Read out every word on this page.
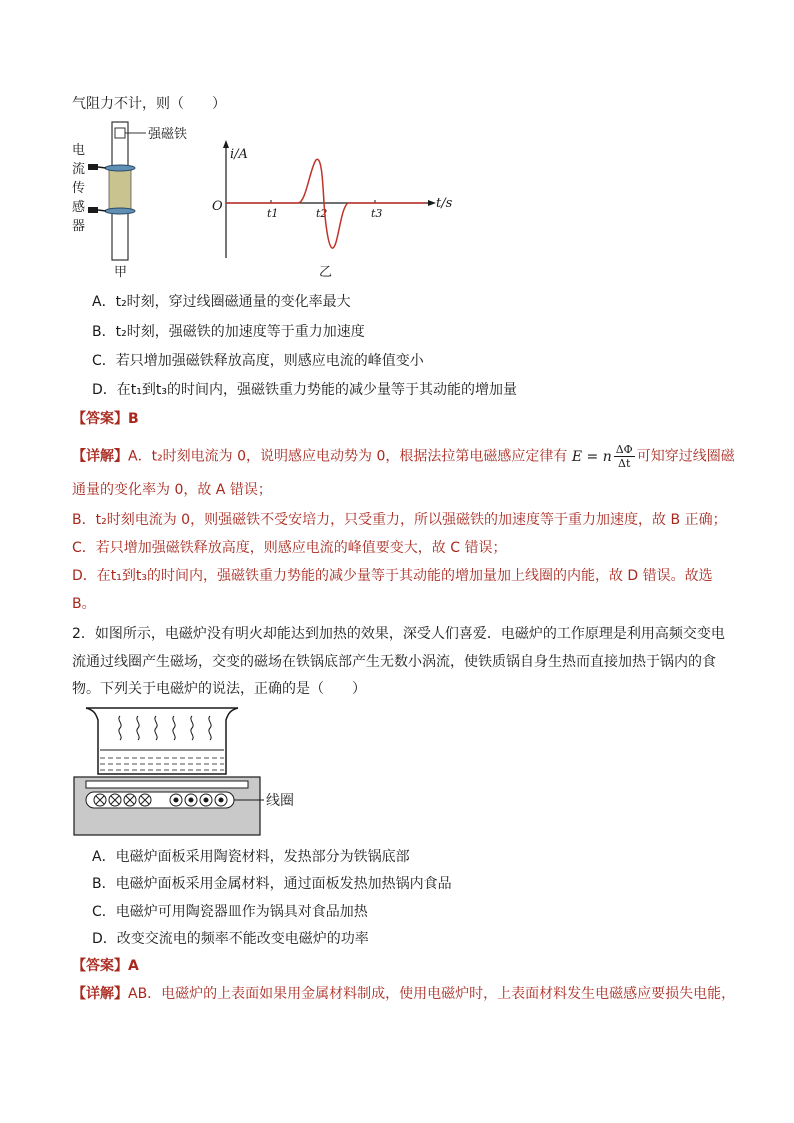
气阻力不计，则（　　）
强磁铁
电
流
传
感
器
甲
i/A
t/s
O	t1	t2	t3
乙
A．t₂时刻，穿过线圈磁通量的变化率最大
B．t₂时刻，强磁铁的加速度等于重力加速度
C．若只增加强磁铁释放高度，则感应电流的峰值变小
D．在t₁到t₃的时间内，强磁铁重力势能的减少量等于其动能的增加量
【答案】B
【详解】A．t₂时刻电流为 0，说明感应电动势为 0，根据法拉第电磁感应定律有 E = n $\frac{\Delta\Phi}{\Delta t}$ 可知穿过线圈磁
通量的变化率为 0，故 A 错误；
B．t₂时刻电流为 0，则强磁铁不受安培力，只受重力，所以强磁铁的加速度等于重力加速度，故 B 正确；
C．若只增加强磁铁释放高度，则感应电流的峰值要变大，故 C 错误；
D．在t₁到t₃的时间内，强磁铁重力势能的减少量等于其动能的增加量加上线圈的内能，故 D 错误。故选
B。
2．如图所示，电磁炉没有明火却能达到加热的效果，深受人们喜爱．电磁炉的工作原理是利用高频交变电
流通过线圈产生磁场，交变的磁场在铁锅底部产生无数小涡流，使铁质锅自身生热而直接加热于锅内的食
物。下列关于电磁炉的说法，正确的是（　　）
线圈
A．电磁炉面板采用陶瓷材料，发热部分为铁锅底部
B．电磁炉面板采用金属材料，通过面板发热加热锅内食品
C．电磁炉可用陶瓷器皿作为锅具对食品加热
D．改变交流电的频率不能改变电磁炉的功率
【答案】A
【详解】AB．电磁炉的上表面如果用金属材料制成，使用电磁炉时，上表面材料发生电磁感应要损失电能，
